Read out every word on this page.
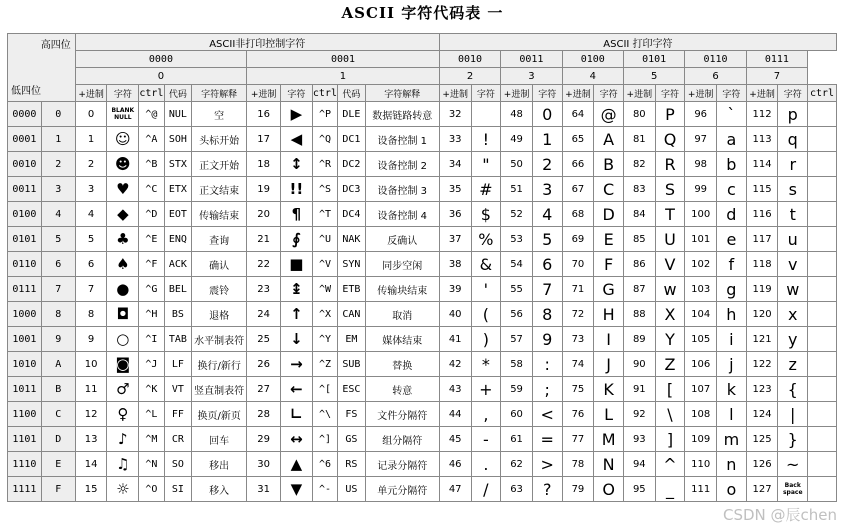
ASCII 字符代码表 一
高四位
低四位		ASCII非打印控制字符										ASCII 打印字符												
		0000					0001					0010		0011		0100		0101		0110		0111		
		0					1					2		3		4		5		6		7		
		+进制	字符	ctrl	代码	字符解释	+进制	字符	ctrl	代码	字符解释	+进制	字符	+进制	字符	+进制	字符	+进制	字符	+进制	字符	+进制	字符	ctrl
0000	0	0	BLANK NULL	^@	NUL	空	16	▶	^P	DLE	数据链路转意	32		48	0	64	@	80	P	96	`	112	p	
0001	1	1	☺	^A	SOH	头标开始	17	◀	^Q	DC1	设备控制 1	33	!	49	1	65	A	81	Q	97	a	113	q	
0010	2	2	☻	^B	STX	正文开始	18	↕	^R	DC2	设备控制 2	34	"	50	2	66	B	82	R	98	b	114	r	
0011	3	3	♥	^C	ETX	正文结束	19	!!	^S	DC3	设备控制 3	35	#	51	3	67	C	83	S	99	c	115	s	
0100	4	4	◆	^D	EOT	传输结束	20	¶	^T	DC4	设备控制 4	36	$	52	4	68	D	84	T	100	d	116	t	
0101	5	5	♣	^E	ENQ	查询	21	∮	^U	NAK	反确认	37	%	53	5	69	E	85	U	101	e	117	u	
0110	6	6	♠	^F	ACK	确认	22	■	^V	SYN	同步空闲	38	&	54	6	70	F	86	V	102	f	118	v	
0111	7	7	●	^G	BEL	震铃	23	↨	^W	ETB	传输块结束	39	'	55	7	71	G	87	w	103	g	119	w	
1000	8	8	◘	^H	BS	退格	24	↑	^X	CAN	取消	40	(	56	8	72	H	88	X	104	h	120	x	
1001	9	9	○	^I	TAB	水平制表符	25	↓	^Y	EM	媒体结束	41	)	57	9	73	I	89	Y	105	i	121	y	
1010	A	10	◙	^J	LF	换行/新行	26	→	^Z	SUB	替换	42	*	58	:	74	J	90	Z	106	j	122	z	
1011	B	11	♂	^K	VT	竖直制表符	27	←	^[	ESC	转意	43	+	59	;	75	K	91	[	107	k	123	{	
1100	C	12	♀	^L	FF	换页/新页	28	∟	^\	FS	文件分隔符	44	,	60	<	76	L	92	\	108	l	124	|	
1101	D	13	♪	^M	CR	回车	29	↔	^]	GS	组分隔符	45	-	61	=	77	M	93	]	109	m	125	}	
1110	E	14	♫	^N	SO	移出	30	▲	^6	RS	记录分隔符	46	.	62	>	78	N	94	^	110	n	126	~	
1111	F	15	☼	^O	SI	移入	31	▼	^-	US	单元分隔符	47	/	63	?	79	O	95	_	111	o	127	Back space	
CSDN @辰chen
